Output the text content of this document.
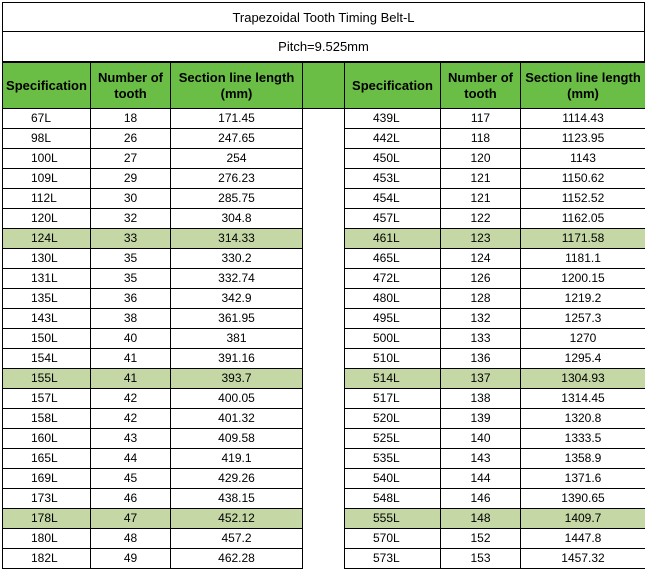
Trapezoidal Tooth Timing Belt-L
Pitch=9.525mm
Specification	Number of tooth	Section line length (mm)		Specification	Number of tooth	Section line length (mm)
67L	18	171.45		439L	117	1114.43
98L	26	247.65		442L	118	1123.95
100L	27	254		450L	120	1143
109L	29	276.23		453L	121	1150.62
112L	30	285.75		454L	121	1152.52
120L	32	304.8		457L	122	1162.05
124L	33	314.33		461L	123	1171.58
130L	35	330.2		465L	124	1181.1
131L	35	332.74		472L	126	1200.15
135L	36	342.9		480L	128	1219.2
143L	38	361.95		495L	132	1257.3
150L	40	381		500L	133	1270
154L	41	391.16		510L	136	1295.4
155L	41	393.7		514L	137	1304.93
157L	42	400.05		517L	138	1314.45
158L	42	401.32		520L	139	1320.8
160L	43	409.58		525L	140	1333.5
165L	44	419.1		535L	143	1358.9
169L	45	429.26		540L	144	1371.6
173L	46	438.15		548L	146	1390.65
178L	47	452.12		555L	148	1409.7
180L	48	457.2		570L	152	1447.8
182L	49	462.28		573L	153	1457.32
